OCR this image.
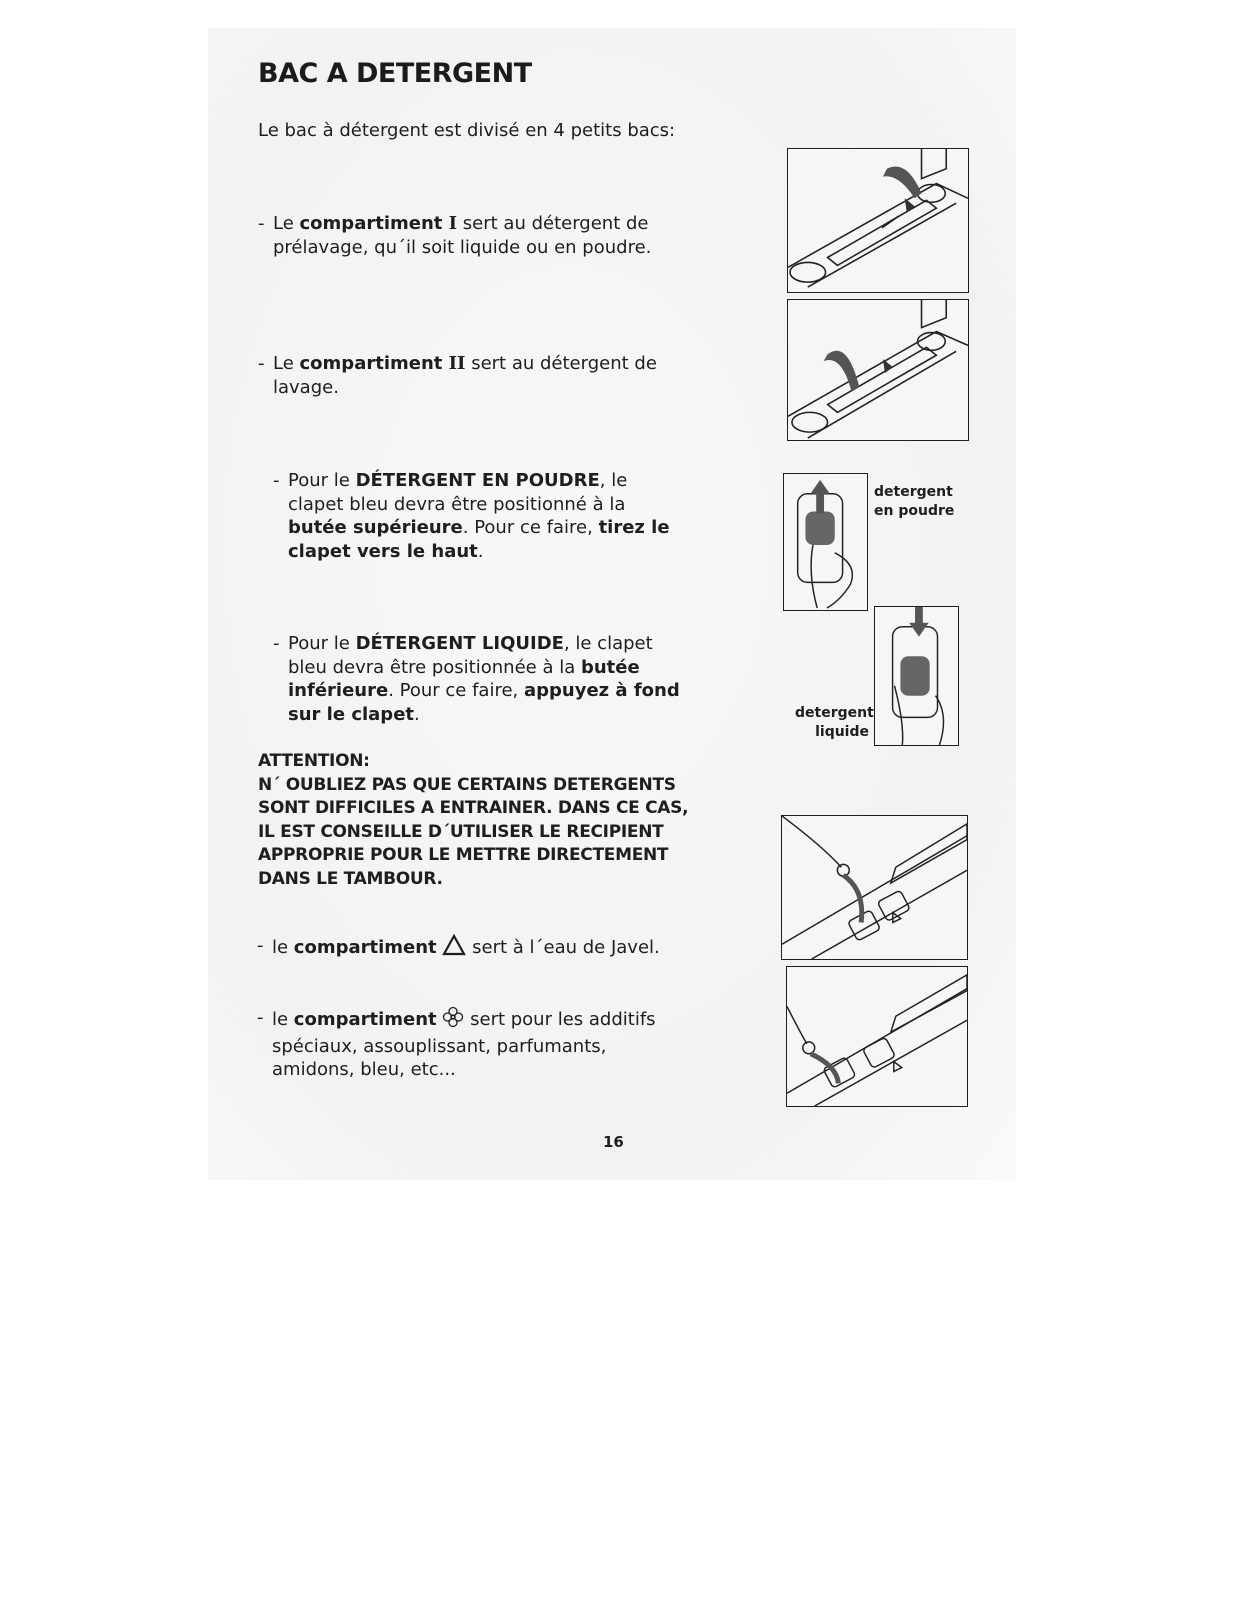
BAC A DETERGENT
Le bac à détergent est divisé en 4 petits bacs:

- Le compartiment I sert au détergent de prélavage, qu´il soit liquide ou en poudre.

- Le compartiment II sert au détergent de lavage.

- Pour le DÉTERGENT EN POUDRE, le clapet bleu devra être positionné à la butée supérieure. Pour ce faire, tirez le clapet vers le haut.

- Pour le DÉTERGENT LIQUIDE, le clapet bleu devra être positionnée à la butée inférieure. Pour ce faire, appuyez à fond sur le clapet.

ATTENTION:
N´ OUBLIEZ PAS QUE CERTAINS DETERGENTS SONT DIFFICILES A ENTRAINER. DANS CE CAS, IL EST CONSEILLE D´UTILISER LE RECIPIENT APPROPRIE POUR LE METTRE DIRECTEMENT DANS LE TAMBOUR.

- le compartiment  sert à l´eau de Javel.

- le compartiment  sert pour les additifs spéciaux, assouplissant, parfumants, amidons, bleu, etc...

16
detergent
en poudre
detergent
liquide
